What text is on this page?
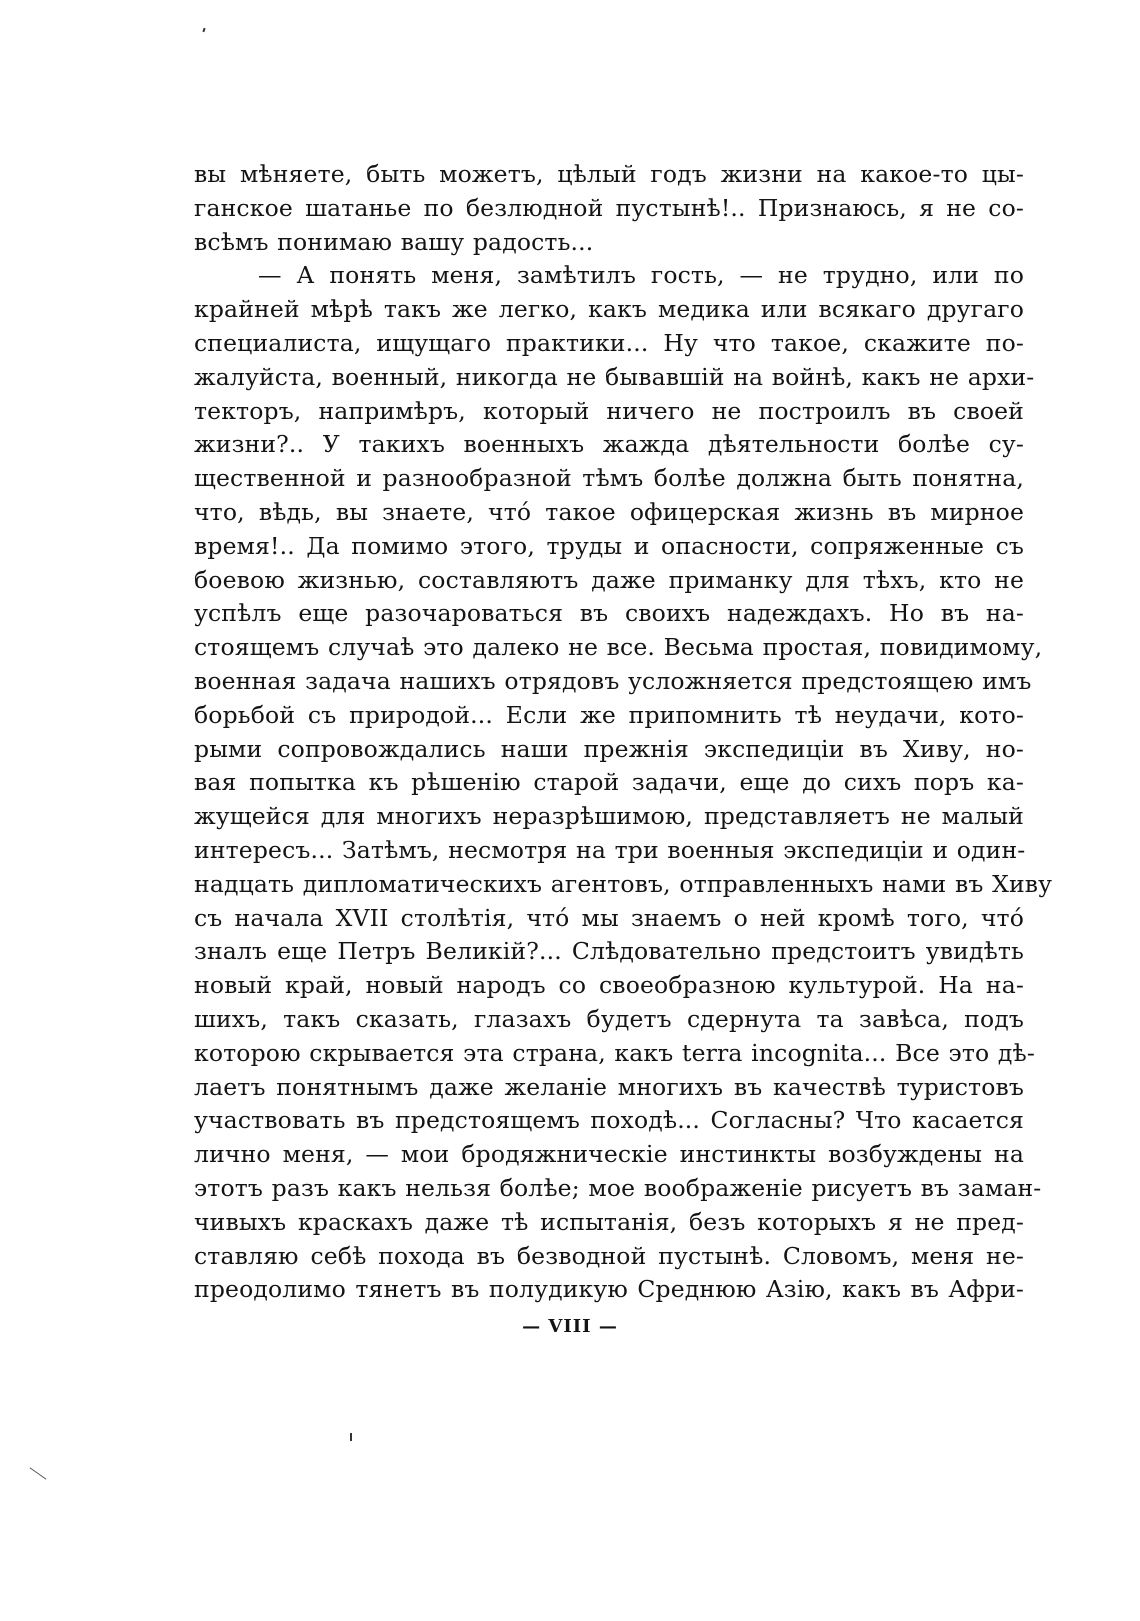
вы мѣняете, быть можетъ, цѣлый годъ жизни на какое-то цы-
ганское шатанье по безлюдной пустынѣ!.. Признаюсь, я не со-
всѣмъ понимаю вашу радость...
— А понять меня, замѣтилъ гость, — не трудно, или по
крайней мѣрѣ такъ же легко, какъ медика или всякаго другаго
специалиста, ищущаго практики... Ну что такое, скажите по-
жалуйста, военный, никогда не бывавшій на войнѣ, какъ не архи-
текторъ, напримѣръ, который ничего не построилъ въ своей
жизни?.. У такихъ военныхъ жажда дѣятельности болѣе су-
щественной и разнообразной тѣмъ болѣе должна быть понятна,
что, вѣдь, вы знаете, что́ такое офицерская жизнь въ мирное
время!.. Да помимо этого, труды и опасности, сопряженные съ
боевою жизнью, составляютъ даже приманку для тѣхъ, кто не
успѣлъ еще разочароваться въ своихъ надеждахъ. Но въ на-
стоящемъ случаѣ это далеко не все. Весьма простая, повидимому,
военная задача нашихъ отрядовъ усложняется предстоящею имъ
борьбой съ природой... Если же припомнить тѣ неудачи, кото-
рыми сопровождались наши прежнія экспедиціи въ Хиву, но-
вая попытка къ рѣшенію старой задачи, еще до сихъ поръ ка-
жущейся для многихъ неразрѣшимою, представляетъ не малый
интересъ... Затѣмъ, несмотря на три военныя экспедиціи и один-
надцать дипломатическихъ агентовъ, отправленныхъ нами въ Хиву
съ начала XVII столѣтія, что́ мы знаемъ о ней кромѣ того, что́
зналъ еще Петръ Великій?... Слѣдовательно предстоитъ увидѣть
новый край, новый народъ со своеобразною культурой. На на-
шихъ, такъ сказать, глазахъ будетъ сдернута та завѣса, подъ
которою скрывается эта страна, какъ terra incognita... Все это дѣ-
лаетъ понятнымъ даже желаніе многихъ въ качествѣ туристовъ
участвовать въ предстоящемъ походѣ... Согласны? Что касается
лично меня, — мои бродяжническіе инстинкты возбуждены на
этотъ разъ какъ нельзя болѣе; мое воображеніе рисуетъ въ заман-
чивыхъ краскахъ даже тѣ испытанія, безъ которыхъ я не пред-
ставляю себѣ похода въ безводной пустынѣ. Словомъ, меня не-
преодолимо тянетъ въ полудикую Среднюю Азію, какъ въ Афри-
— VIII —
